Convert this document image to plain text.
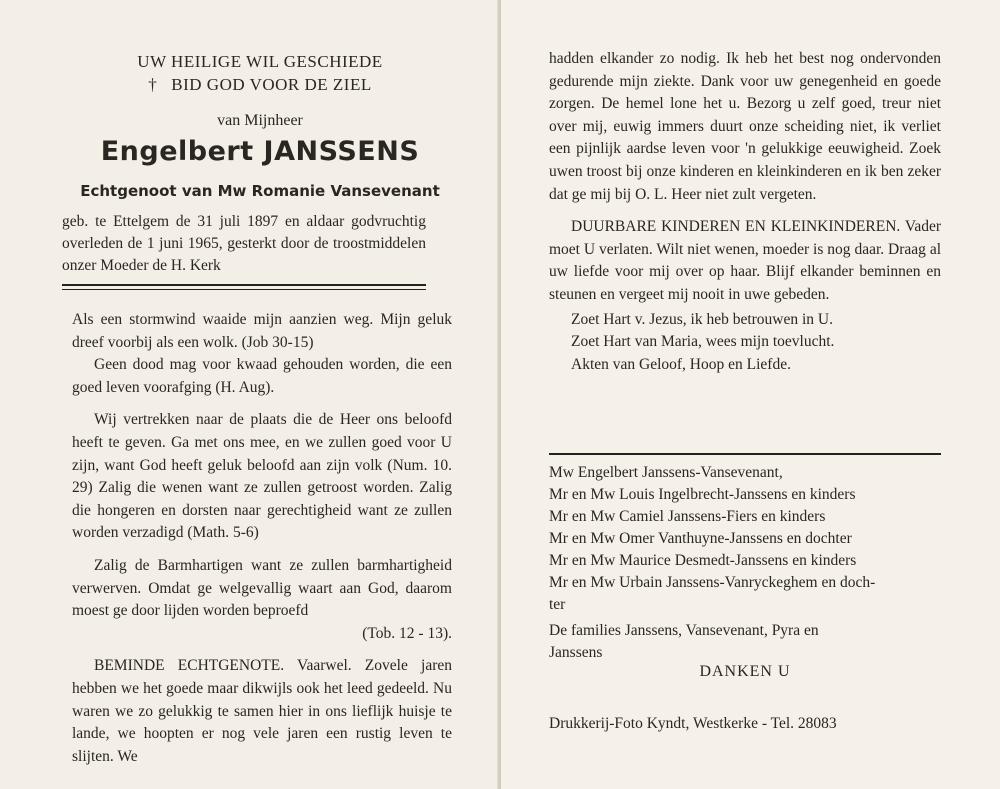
UW HEILIGE WIL GESCHIEDE
† BID GOD VOOR DE ZIEL
van Mijnheer
Engelbert JANSSENS
Echtgenoot van Mw Romanie Vansevenant
geb. te Ettelgem de 31 juli 1897 en aldaar godvruchtig overleden de 1 juni 1965, gesterkt door de troostmiddelen onzer Moeder de H. Kerk
Als een stormwind waaide mijn aanzien weg. Mijn geluk dreef voorbij als een wolk. (Job 30-15)
Geen dood mag voor kwaad gehouden worden, die een goed leven voorafging (H. Aug).
Wij vertrekken naar de plaats die de Heer ons beloofd heeft te geven. Ga met ons mee, en we zullen goed voor U zijn, want God heeft geluk beloofd aan zijn volk (Num. 10. 29) Zalig die wenen want ze zullen getroost worden. Zalig die hongeren en dorsten naar gerechtigheid want ze zullen worden verzadigd (Math. 5-6)
Zalig de Barmhartigen want ze zullen barmhartigheid verwerven. Omdat ge welgevallig waart aan God, daarom moest ge door lijden worden beproefd
(Tob. 12 - 13).
BEMINDE ECHTGENOTE. Vaarwel. Zovele jaren hebben we het goede maar dikwijls ook het leed gedeeld. Nu waren we zo gelukkig te samen hier in ons lieflijk huisje te lande, we hoopten er nog vele jaren een rustig leven te slijten. We
hadden elkander zo nodig. Ik heb het best nog ondervonden gedurende mijn ziekte. Dank voor uw genegenheid en goede zorgen. De hemel lone het u. Bezorg u zelf goed, treur niet over mij, euwig immers duurt onze scheiding niet, ik verliet een pijnlijk aardse leven voor 'n gelukkige eeuwigheid. Zoek uwen troost bij onze kinderen en kleinkinderen en ik ben zeker dat ge mij bij O. L. Heer niet zult vergeten.
DUURBARE KINDEREN EN KLEINKINDEREN. Vader moet U verlaten. Wilt niet wenen, moeder is nog daar. Draag al uw liefde voor mij over op haar. Blijf elkander beminnen en steunen en vergeet mij nooit in uwe gebeden.
Zoet Hart v. Jezus, ik heb betrouwen in U.
Zoet Hart van Maria, wees mijn toevlucht.
Akten van Geloof, Hoop en Liefde.
Mw Engelbert Janssens-Vansevenant,
Mr en Mw Louis Ingelbrecht-Janssens en kinders
Mr en Mw Camiel Janssens-Fiers en kinders
Mr en Mw Omer Vanthuyne-Janssens en dochter
Mr en Mw Maurice Desmedt-Janssens en kinders
Mr en Mw Urbain Janssens-Vanryckeghem en doch-
ter
De families Janssens, Vansevenant, Pyra en
Janssens
DANKEN U
Drukkerij-Foto Kyndt, Westkerke - Tel. 28083
